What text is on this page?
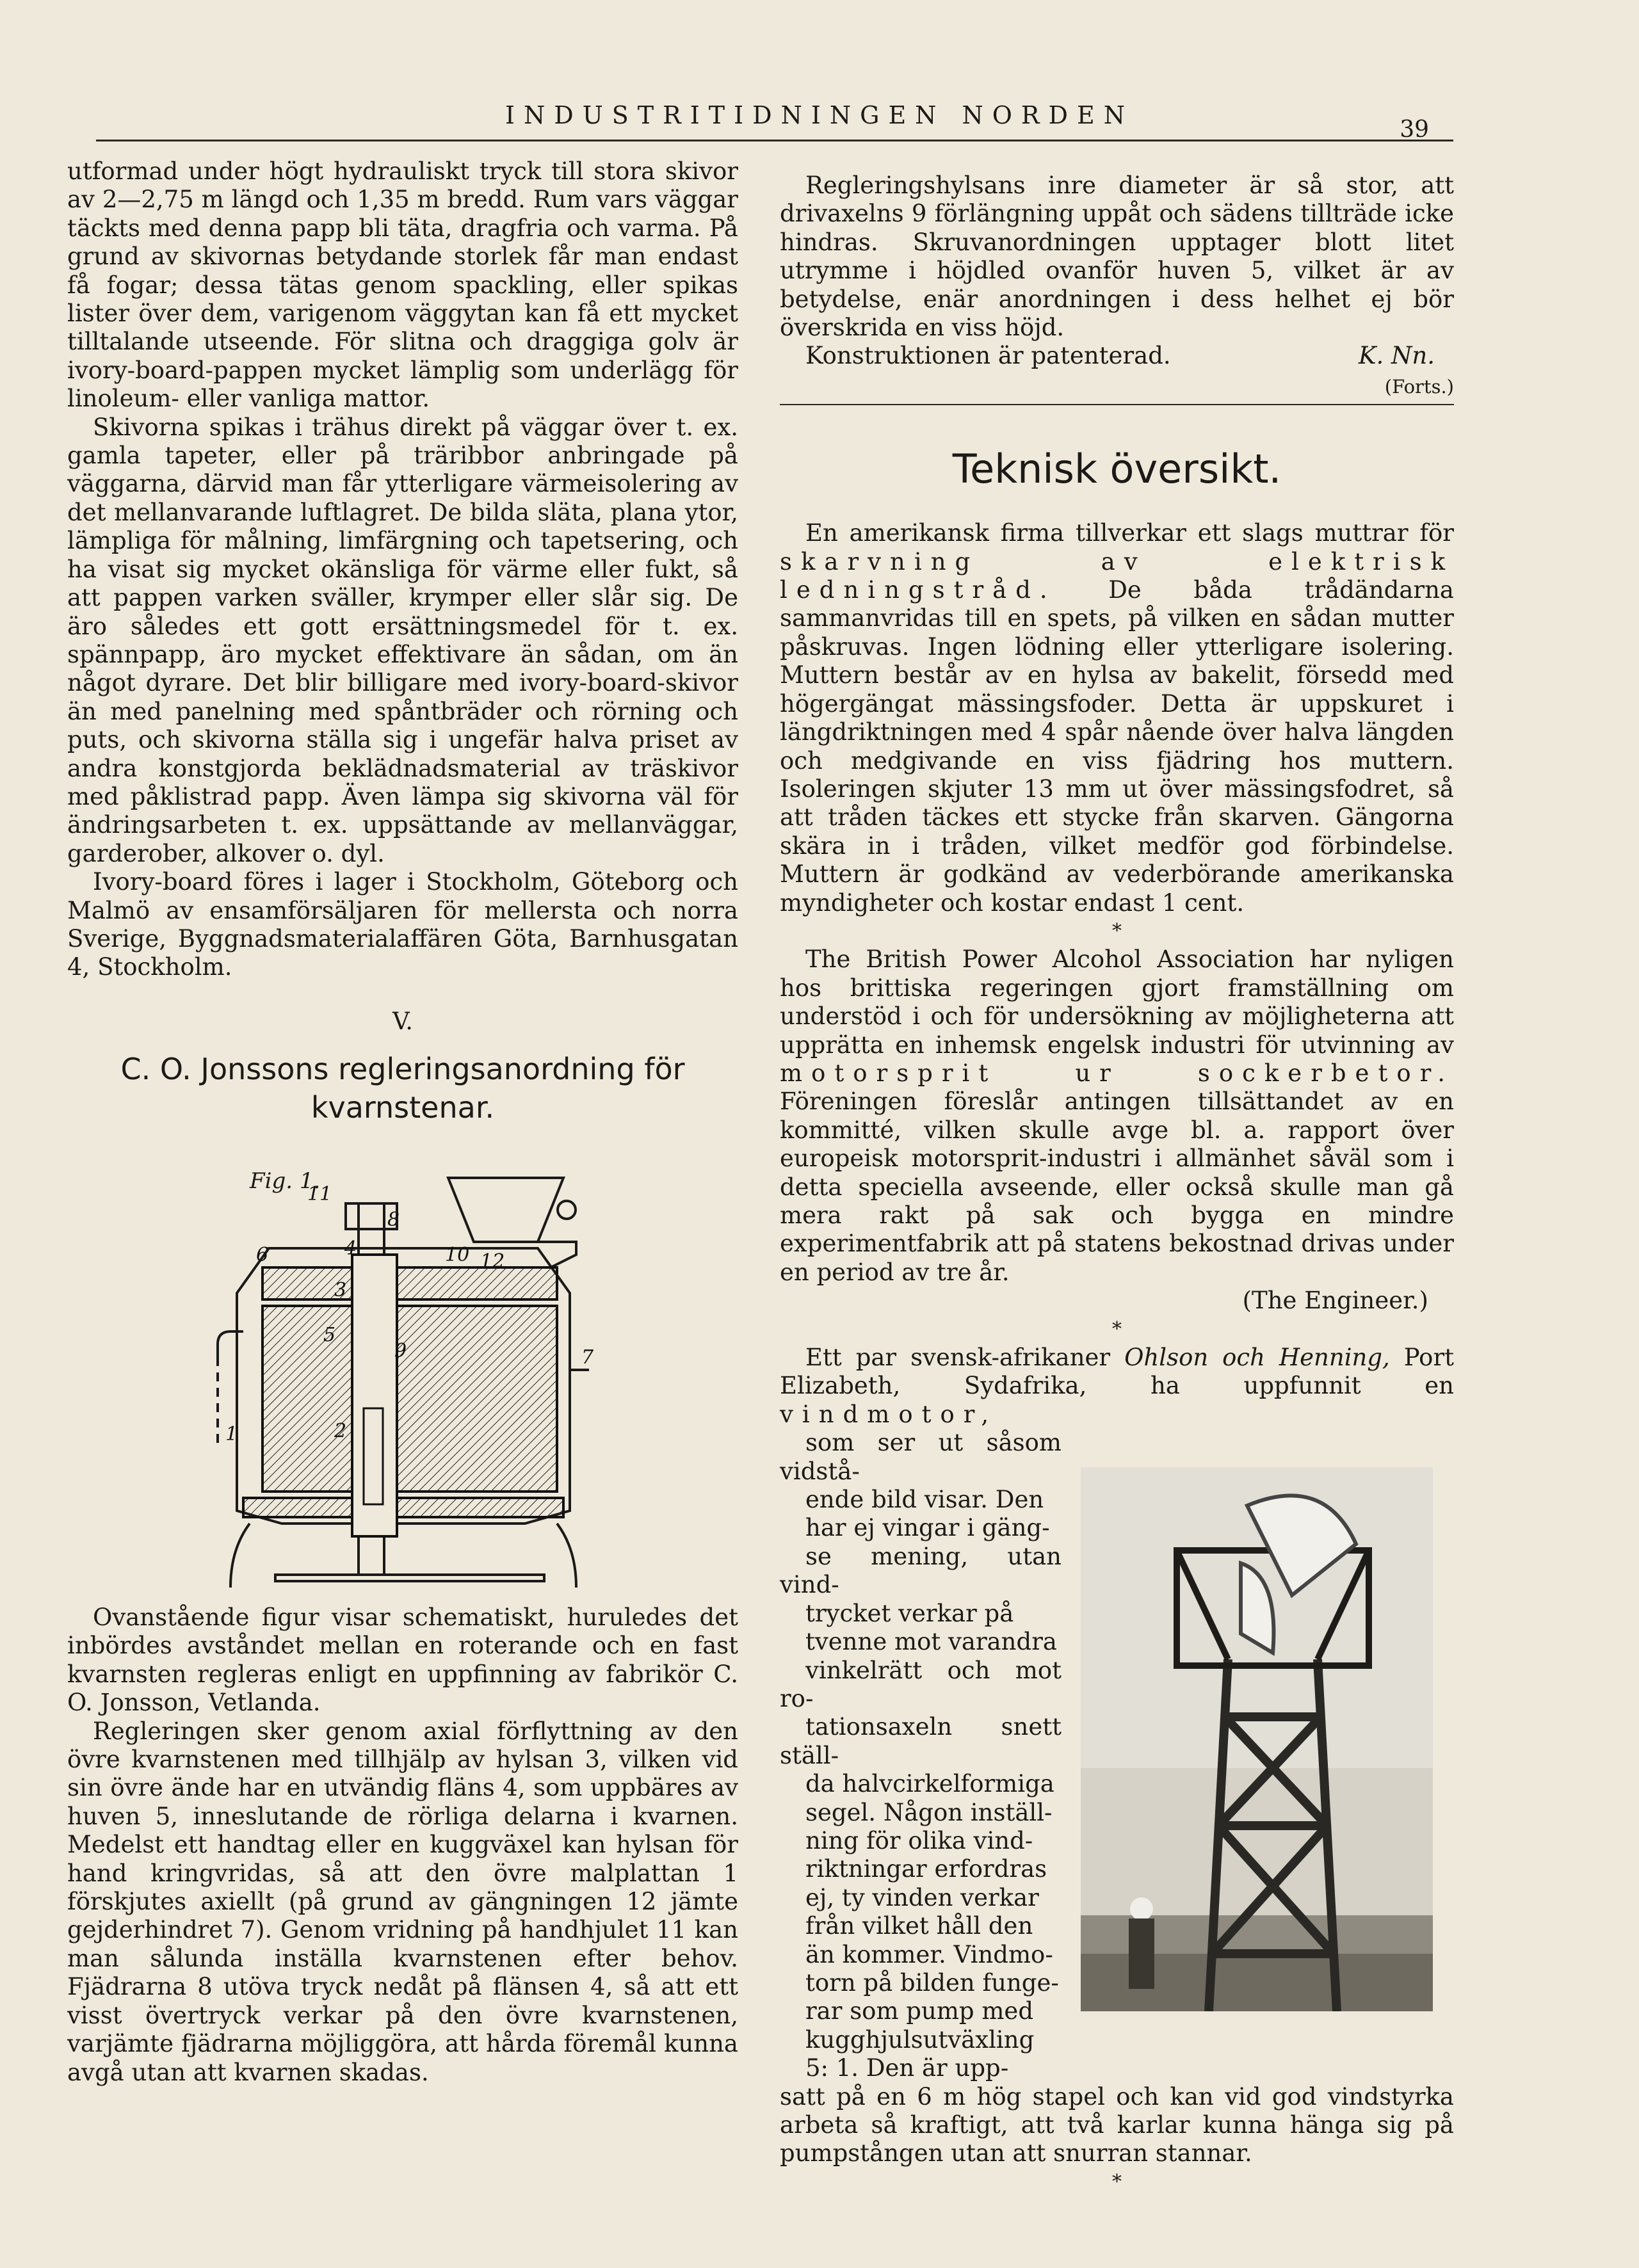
INDUSTRITIDNINGEN NORDEN
39

utformad under högt hydrauliskt tryck till stora skivor av 2—2,75 m längd och 1,35 m bredd. Rum vars väggar täckts med denna papp bli täta, dragfria och varma. På grund av skivornas betydande storlek får man endast få fogar; dessa tätas genom spackling, eller spikas lister över dem, varigenom väggytan kan få ett mycket tilltalande utseende. För slitna och draggiga golv är ivory-board-pappen mycket lämplig som underlägg för linoleum- eller vanliga mattor.

Skivorna spikas i trähus direkt på väggar över t. ex. gamla tapeter, eller på träribbor anbringade på väggarna, därvid man får ytterligare värmeisolering av det mellanvarande luftlagret. De bilda släta, plana ytor, lämpliga för målning, limfärgning och tapetsering, och ha visat sig mycket okänsliga för värme eller fukt, så att pappen varken sväller, krymper eller slår sig. De äro således ett gott ersättningsmedel för t. ex. spännpapp, äro mycket effektivare än sådan, om än något dyrare. Det blir billigare med ivory-board-skivor än med panelning med spåntbräder och rörning och puts, och skivorna ställa sig i ungefär halva priset av andra konstgjorda beklädnadsmaterial av träskivor med påklistrad papp. Även lämpa sig skivorna väl för ändringsarbeten t. ex. uppsättande av mellanväggar, garderober, alkover o. dyl.

Ivory-board föres i lager i Stockholm, Göteborg och Malmö av ensamförsäljaren för mellersta och norra Sverige, Byggnadsmaterialaffären Göta, Barnhusgatan 4, Stockholm.

V.
C. O. Jonssons regleringsanordning för kvarnstenar.
Fig. 1.
11
8
6	10 12
5
9	7
2
1
4
3

Ovanstående figur visar schematiskt, huruledes det inbördes avståndet mellan en roterande och en fast kvarnsten regleras enligt en uppfinning av fabrikör C. O. Jonsson, Vetlanda.

Regleringen sker genom axial förflyttning av den övre kvarnstenen med tillhjälp av hylsan 3, vilken vid sin övre ände har en utvändig fläns 4, som uppbäres av huven 5, inneslutande de rörliga delarna i kvarnen. Medelst ett handtag eller en kuggväxel kan hylsan för hand kringvridas, så att den övre malplattan 1 förskjutes axiellt (på grund av gängningen 12 jämte gejderhindret 7). Genom vridning på handhjulet 11 kan man sålunda inställa kvarnstenen efter behov. Fjädrarna 8 utöva tryck nedåt på flänsen 4, så att ett visst övertryck verkar på den övre kvarnstenen, varjämte fjädrarna möjliggöra, att hårda föremål kunna avgå utan att kvarnen skadas.

Regleringshylsans inre diameter är så stor, att drivaxelns 9 förlängning uppåt och sädens tillträde icke hindras. Skruvanordningen upptager blott litet utrymme i höjdled ovanför huven 5, vilket är av betydelse, enär anordningen i dess helhet ej bör överskrida en viss höjd.

Konstruktionen är patenterad.	K. Nn.
(Forts.)
Teknisk översikt.

En amerikansk firma tillverkar ett slags muttrar för skarvning av elektrisk ledningstråd. De båda trådändarna sammanvridas till en spets, på vilken en sådan mutter påskruvas. Ingen lödning eller ytterligare isolering. Muttern består av en hylsa av bakelit, försedd med högergängat mässingsfoder. Detta är uppskuret i längdriktningen med 4 spår nående över halva längden och medgivande en viss fjädring hos muttern. Isoleringen skjuter 13 mm ut över mässingsfodret, så att tråden täckes ett stycke från skarven. Gängorna skära in i tråden, vilket medför god förbindelse. Muttern är godkänd av vederbörande amerikanska myndigheter och kostar endast 1 cent.

*

The British Power Alcohol Association har nyligen hos brittiska regeringen gjort framställning om understöd i och för undersökning av möjligheterna att upprätta en inhemsk engelsk industri för utvinning av motorsprit ur sockerbetor. Föreningen föreslår antingen tillsättandet av en kommitté, vilken skulle avge bl. a. rapport över europeisk motorsprit-industri i allmänhet såväl som i detta speciella avseende, eller också skulle man gå mera rakt på sak och bygga en mindre experimentfabrik att på statens bekostnad drivas under en period av tre år.

(The Engineer.)

*

Ett par svensk-afrikaner Ohlson och Henning, Port Elizabeth, Sydafrika, ha uppfunnit en vindmotor,

som ser ut såsom vidstå-

ende bild visar. Den

har ej vingar i gäng-

se mening, utan vind-

trycket verkar på

tvenne mot varandra

vinkelrätt och mot ro-

tationsaxeln snett ställ-

da halvcirkelformiga

segel. Någon inställ-

ning för olika vind-

riktningar erfordras

ej, ty vinden verkar

från vilket håll den

än kommer. Vindmo-

torn på bilden funge-

rar som pump med

kugghjulsutväxling

5: 1. Den är upp-

satt på en 6 m hög stapel och kan vid god vindstyrka arbeta så kraftigt, att två karlar kunna hänga sig på pumpstången utan att snurran stannar.

*
